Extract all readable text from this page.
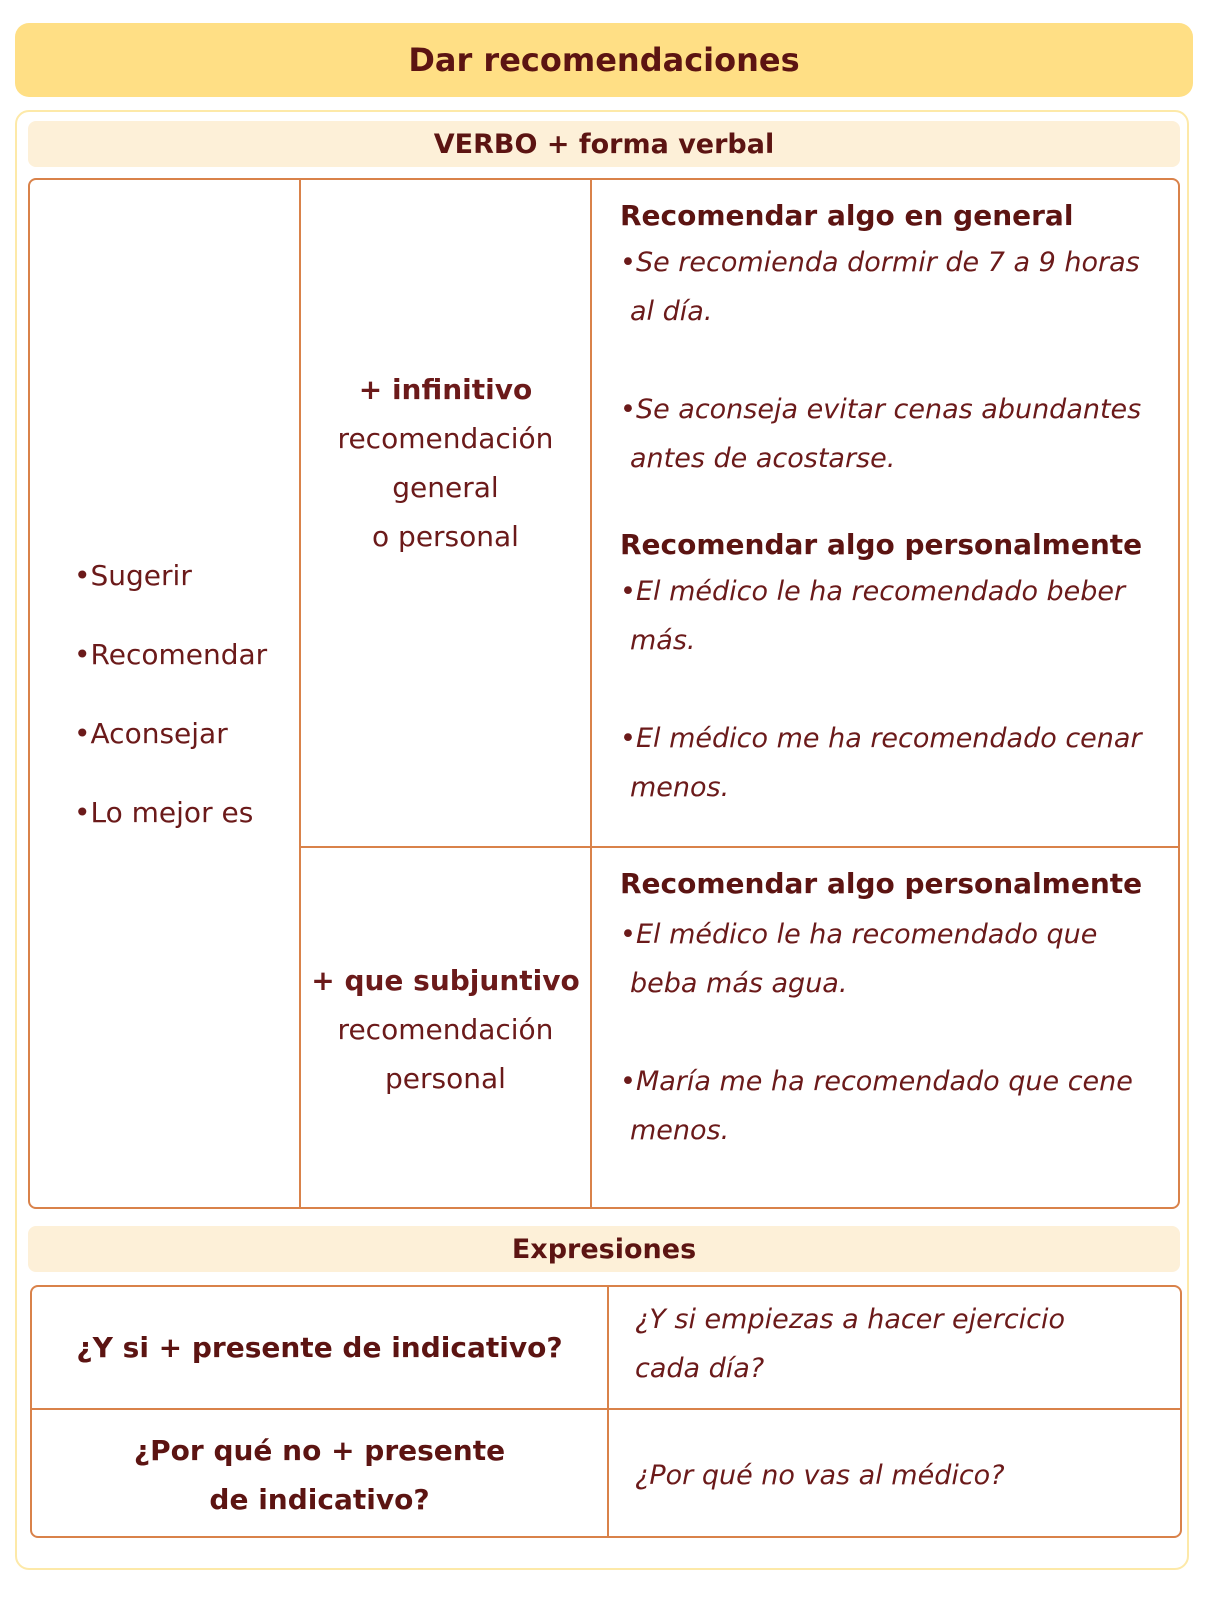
Dar recomendaciones
VERBO + forma verbal
•Sugerir
•Recomendar
•Aconsejar
•Lo mejor es
+ infinitivo
recomendación
general
o personal
Recomendar algo en general
•Se recomienda dormir de 7 a 9 horas
al día.
•Se aconseja evitar cenas abundantes
antes de acostarse.
Recomendar algo personalmente
•El médico le ha recomendado beber
más.
•El médico me ha recomendado cenar
menos.
+ que subjuntivo
recomendación
personal
Recomendar algo personalmente
•El médico le ha recomendado que
beba más agua.
•María me ha recomendado que cene
menos.
Expresiones
¿Y si + presente de indicativo?
¿Y si empiezas a hacer ejercicio
cada día?
¿Por qué no + presente
de indicativo?
¿Por qué no vas al médico?
